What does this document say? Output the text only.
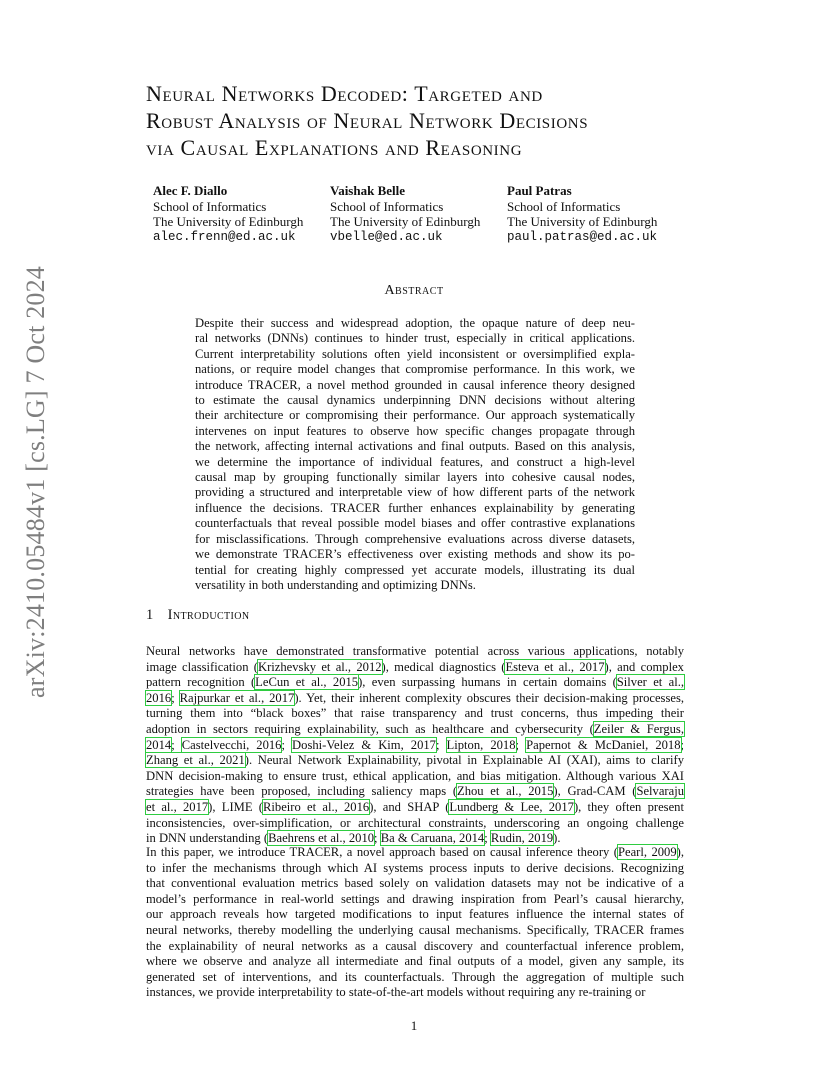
arXiv:2410.05484v1 [cs.LG] 7 Oct 2024
Neural Networks Decoded: Targeted and
Robust Analysis of Neural Network Decisions
via Causal Explanations and Reasoning
Alec F. Diallo
School of Informatics
The University of Edinburgh
alec.frenn@ed.ac.uk
Vaishak Belle
School of Informatics
The University of Edinburgh
vbelle@ed.ac.uk
Paul Patras
School of Informatics
The University of Edinburgh
paul.patras@ed.ac.uk
Abstract
Despite their success and widespread adoption, the opaque nature of deep neu-
ral networks (DNNs) continues to hinder trust, especially in critical applications.
Current interpretability solutions often yield inconsistent or oversimplified expla-
nations, or require model changes that compromise performance. In this work, we
introduce TRACER, a novel method grounded in causal inference theory designed
to estimate the causal dynamics underpinning DNN decisions without altering
their architecture or compromising their performance. Our approach systematically
intervenes on input features to observe how specific changes propagate through
the network, affecting internal activations and final outputs. Based on this analysis,
we determine the importance of individual features, and construct a high-level
causal map by grouping functionally similar layers into cohesive causal nodes,
providing a structured and interpretable view of how different parts of the network
influence the decisions. TRACER further enhances explainability by generating
counterfactuals that reveal possible model biases and offer contrastive explanations
for misclassifications. Through comprehensive evaluations across diverse datasets,
we demonstrate TRACER’s effectiveness over existing methods and show its po-
tential for creating highly compressed yet accurate models, illustrating its dual
versatility in both understanding and optimizing DNNs.
1 Introduction
Neural networks have demonstrated transformative potential across various applications, notably
image classification (Krizhevsky et al., 2012), medical diagnostics (Esteva et al., 2017), and complex
pattern recognition (LeCun et al., 2015), even surpassing humans in certain domains (Silver et al.,
2016; Rajpurkar et al., 2017). Yet, their inherent complexity obscures their decision-making processes,
turning them into “black boxes” that raise transparency and trust concerns, thus impeding their
adoption in sectors requiring explainability, such as healthcare and cybersecurity (Zeiler & Fergus,
2014; Castelvecchi, 2016; Doshi-Velez & Kim, 2017; Lipton, 2018; Papernot & McDaniel, 2018;
Zhang et al., 2021). Neural Network Explainability, pivotal in Explainable AI (XAI), aims to clarify
DNN decision-making to ensure trust, ethical application, and bias mitigation. Although various XAI
strategies have been proposed, including saliency maps (Zhou et al., 2015), Grad-CAM (Selvaraju
et al., 2017), LIME (Ribeiro et al., 2016), and SHAP (Lundberg & Lee, 2017), they often present
inconsistencies, over-simplification, or architectural constraints, underscoring an ongoing challenge
in DNN understanding (Baehrens et al., 2010; Ba & Caruana, 2014; Rudin, 2019).
In this paper, we introduce TRACER, a novel approach based on causal inference theory (Pearl, 2009),
to infer the mechanisms through which AI systems process inputs to derive decisions. Recognizing
that conventional evaluation metrics based solely on validation datasets may not be indicative of a
model’s performance in real-world settings and drawing inspiration from Pearl’s causal hierarchy,
our approach reveals how targeted modifications to input features influence the internal states of
neural networks, thereby modelling the underlying causal mechanisms. Specifically, TRACER frames
the explainability of neural networks as a causal discovery and counterfactual inference problem,
where we observe and analyze all intermediate and final outputs of a model, given any sample, its
generated set of interventions, and its counterfactuals. Through the aggregation of multiple such
instances, we provide interpretability to state-of-the-art models without requiring any re-training or
1
